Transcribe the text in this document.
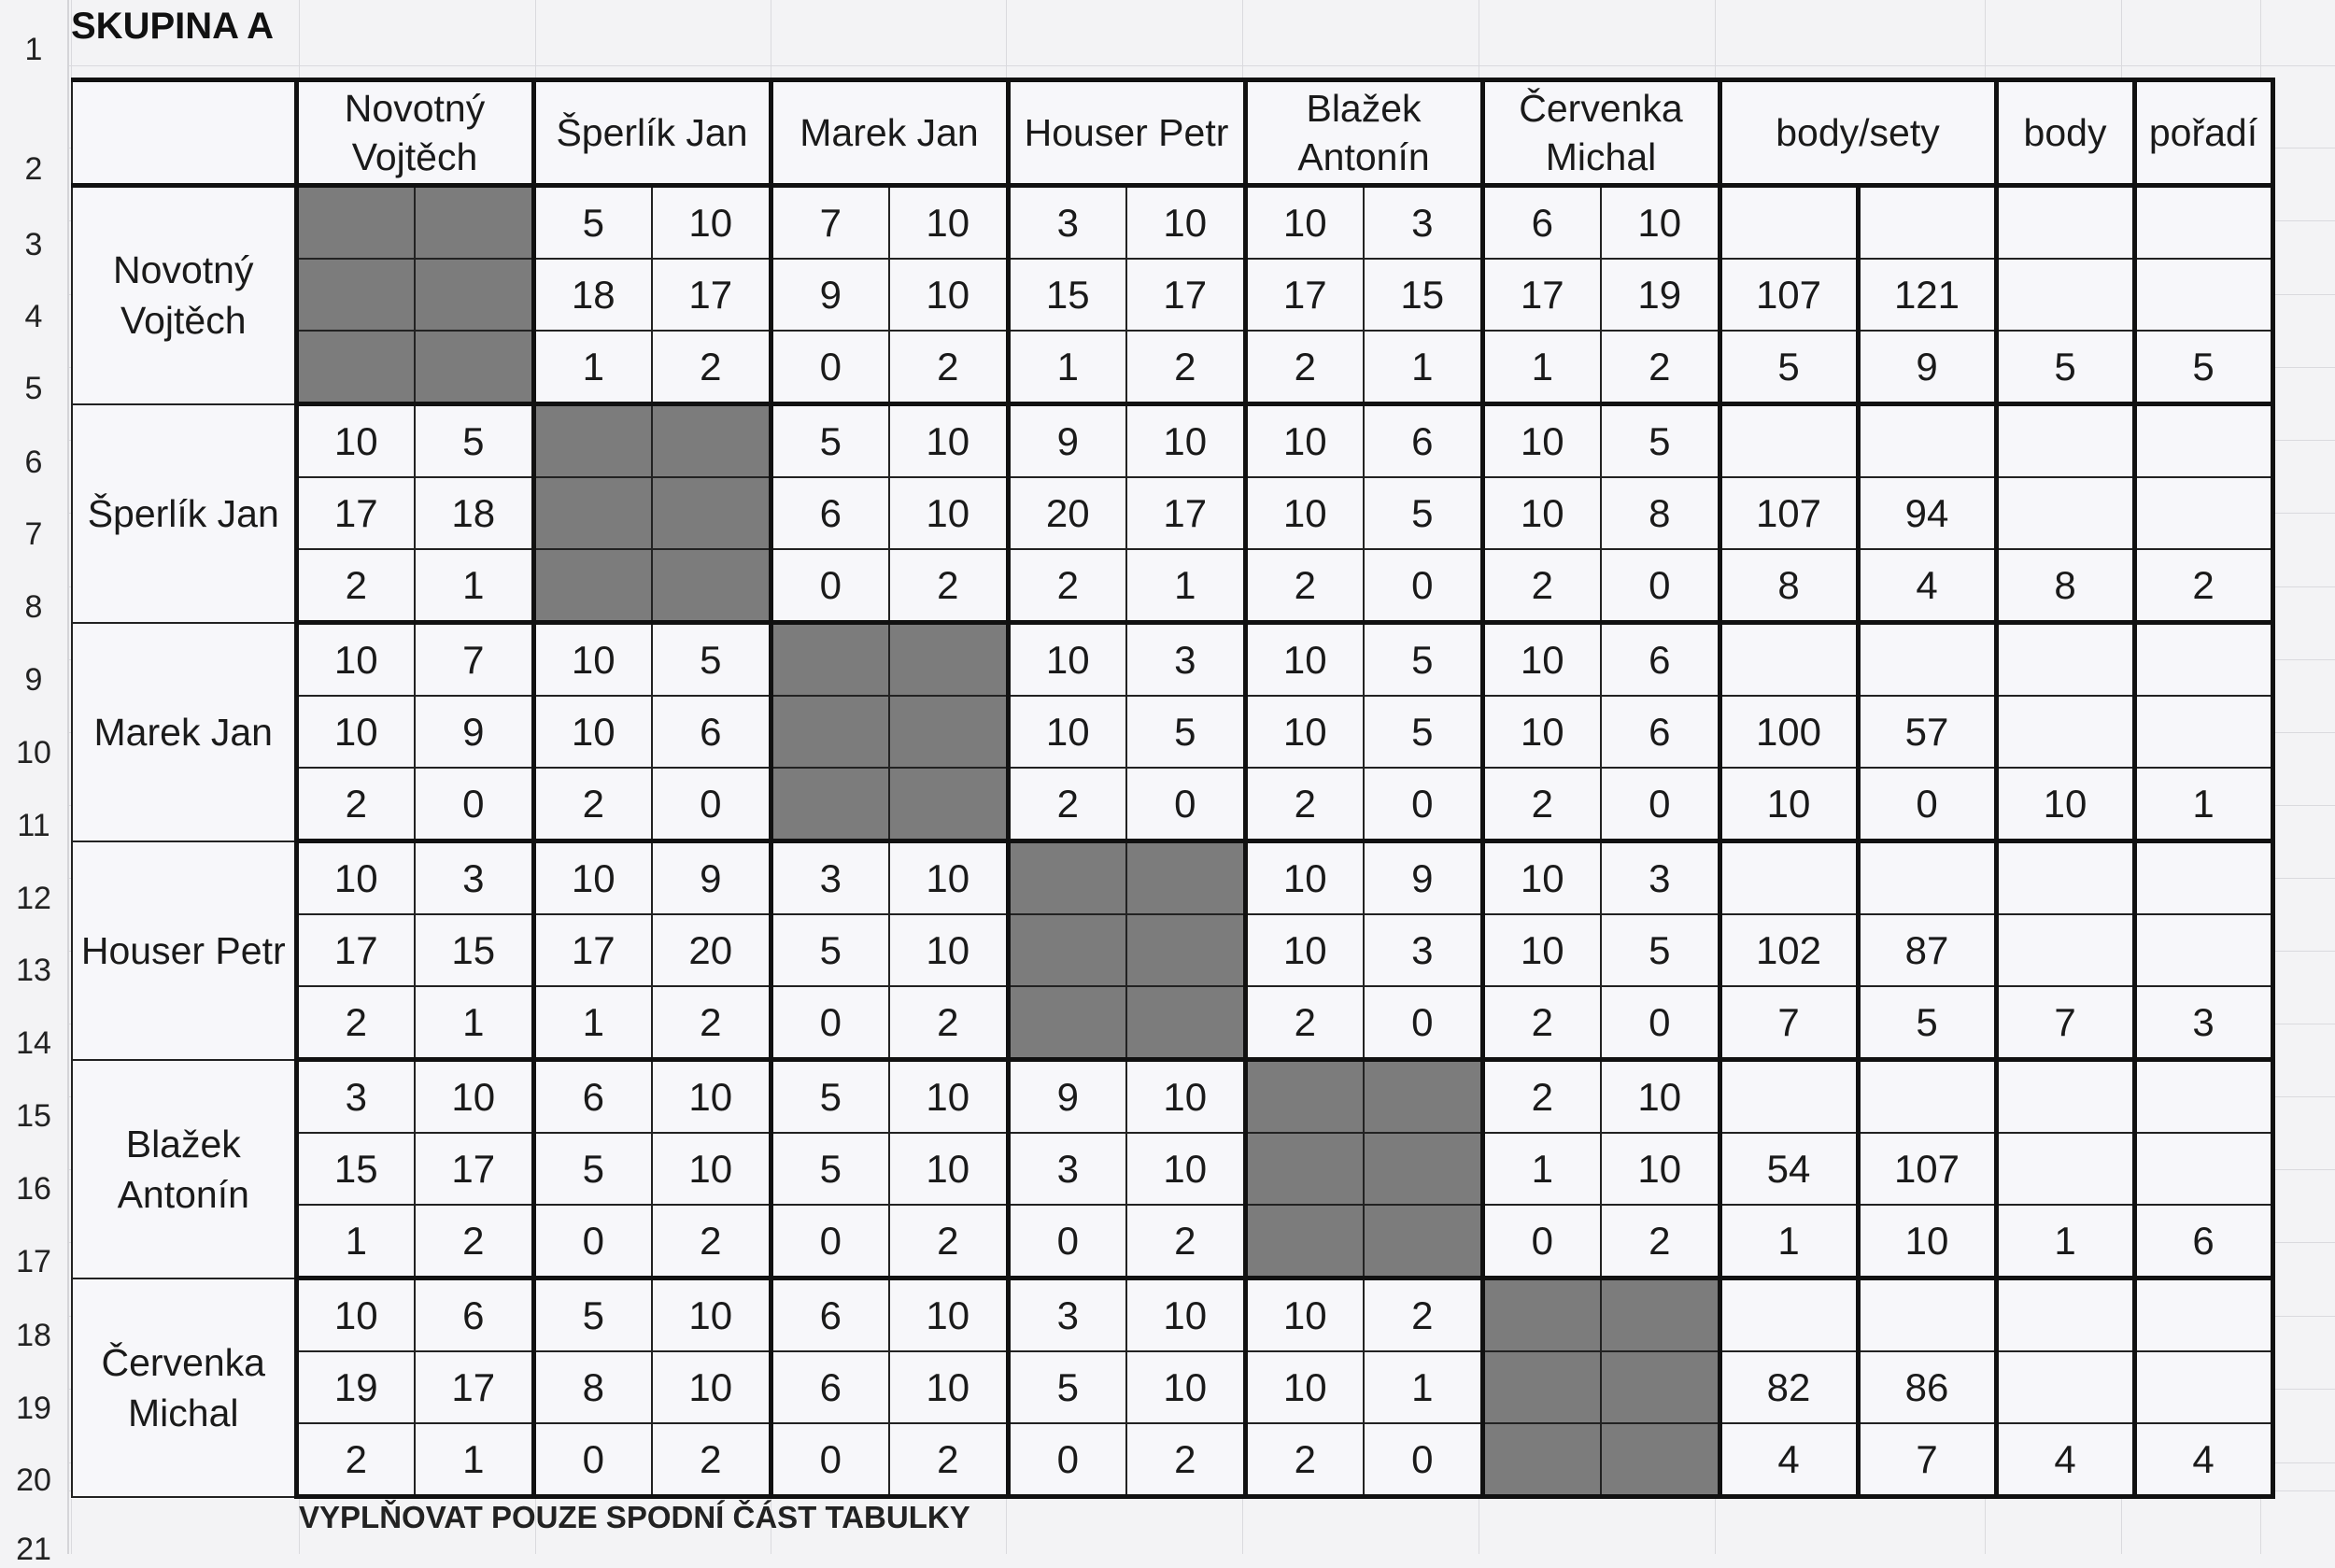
1
2
3
4
5
6
7
8
9
10
11
12
13
14
15
16
17
18
19
20
21
SKUPINA A
	Novotný Vojtěch		Šperlík Jan		Marek Jan		Houser Petr		Blažek Antonín		Červenka Michal		body/sety		body	pořadí
Novotný Vojtěch			5	10	7	10	3	10	10	3	6	10				
			18	17	9	10	15	17	17	15	17	19	107	121		
			1	2	0	2	1	2	2	1	1	2	5	9	5	5
Šperlík Jan	10	5			5	10	9	10	10	6	10	5				
	17	18			6	10	20	17	10	5	10	8	107	94		
	2	1			0	2	2	1	2	0	2	0	8	4	8	2
Marek Jan	10	7	10	5			10	3	10	5	10	6				
	10	9	10	6			10	5	10	5	10	6	100	57		
	2	0	2	0			2	0	2	0	2	0	10	0	10	1
Houser Petr	10	3	10	9	3	10			10	9	10	3				
	17	15	17	20	5	10			10	3	10	5	102	87		
	2	1	1	2	0	2			2	0	2	0	7	5	7	3
Blažek Antonín	3	10	6	10	5	10	9	10			2	10				
	15	17	5	10	5	10	3	10			1	10	54	107		
	1	2	0	2	0	2	0	2			0	2	1	10	1	6
Červenka Michal	10	6	5	10	6	10	3	10	10	2						
	19	17	8	10	6	10	5	10	10	1			82	86		
	2	1	0	2	0	2	0	2	2	0			4	7	4	4
VYPLŇOVAT POUZE SPODNÍ ČÁST TABULKY
